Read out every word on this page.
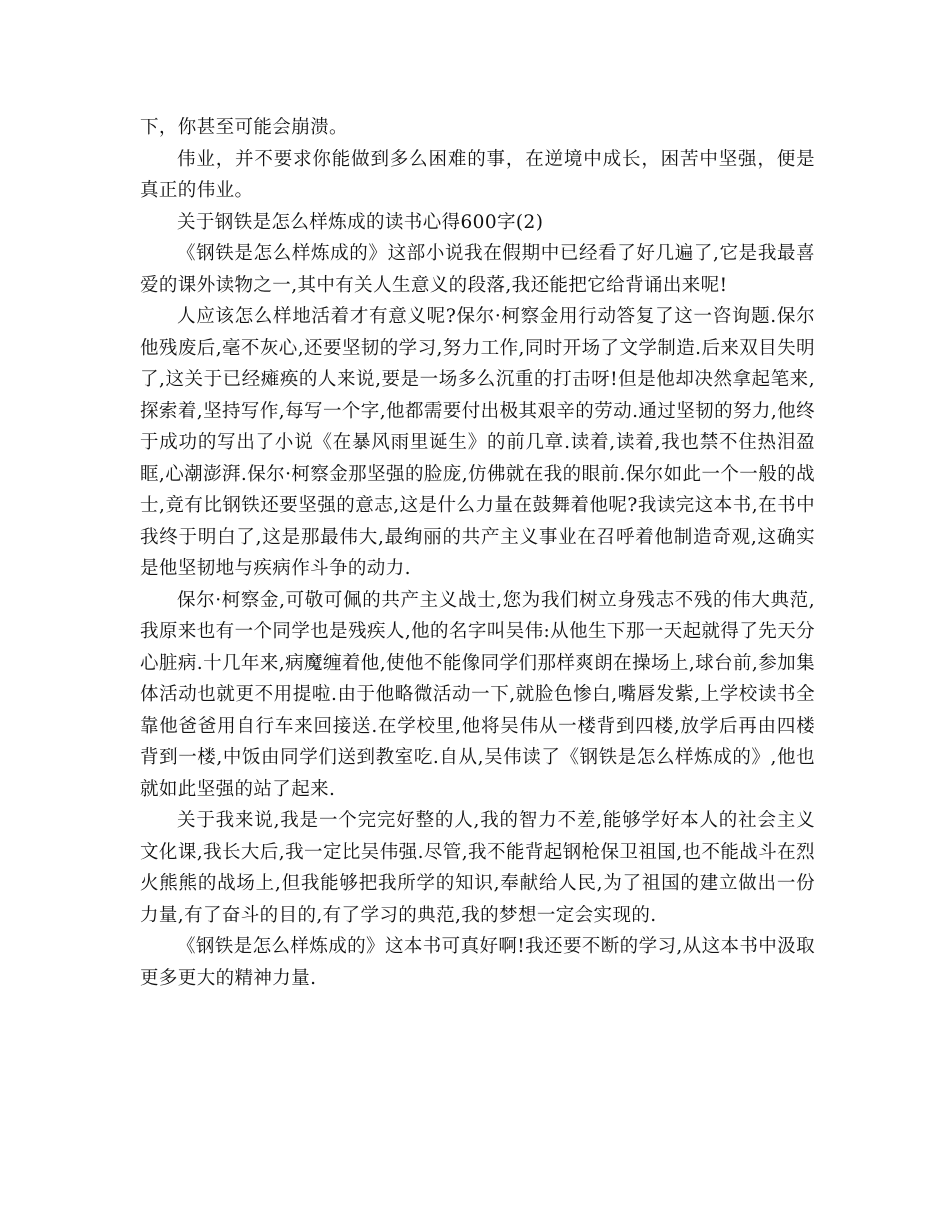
下，你甚至可能会崩溃。

伟业，并不要求你能做到多么困难的事，在逆境中成长，困苦中坚强，便是真正的伟业。

关于钢铁是怎么样炼成的读书心得600字(2)

《钢铁是怎么样炼成的》这部小说我在假期中已经看了好几遍了,它是我最喜爱的课外读物之一,其中有关人生意义的段落,我还能把它给背诵出来呢!

人应该怎么样地活着才有意义呢?保尔·柯察金用行动答复了这一咨询题.保尔他残废后,毫不灰心,还要坚韧的学习,努力工作,同时开场了文学制造.后来双目失明了,这关于已经瘫痪的人来说,要是一场多么沉重的打击呀!但是他却决然拿起笔来,探索着,坚持写作,每写一个字,他都需要付出极其艰辛的劳动.通过坚韧的努力,他终于成功的写出了小说《在暴风雨里诞生》的前几章.读着,读着,我也禁不住热泪盈眶,心潮澎湃.保尔·柯察金那坚强的脸庞,仿佛就在我的眼前.保尔如此一个一般的战士,竟有比钢铁还要坚强的意志,这是什么力量在鼓舞着他呢?我读完这本书,在书中我终于明白了,这是那最伟大,最绚丽的共产主义事业在召呼着他制造奇观,这确实是他坚韧地与疾病作斗争的动力.

保尔·柯察金,可敬可佩的共产主义战士,您为我们树立身残志不残的伟大典范,我原来也有一个同学也是残疾人,他的名字叫吴伟:从他生下那一天起就得了先天分心脏病.十几年来,病魔缠着他,使他不能像同学们那样爽朗在操场上,球台前,参加集体活动也就更不用提啦.由于他略微活动一下,就脸色惨白,嘴唇发紫,上学校读书全靠他爸爸用自行车来回接送.在学校里,他将吴伟从一楼背到四楼,放学后再由四楼背到一楼,中饭由同学们送到教室吃.自从,吴伟读了《钢铁是怎么样炼成的》,他也就如此坚强的站了起来.

关于我来说,我是一个完完好整的人,我的智力不差,能够学好本人的社会主义文化课,我长大后,我一定比吴伟强.尽管,我不能背起钢枪保卫祖国,也不能战斗在烈火熊熊的战场上,但我能够把我所学的知识,奉献给人民,为了祖国的建立做出一份力量,有了奋斗的目的,有了学习的典范,我的梦想一定会实现的.

《钢铁是怎么样炼成的》这本书可真好啊!我还要不断的学习,从这本书中汲取更多更大的精神力量.
